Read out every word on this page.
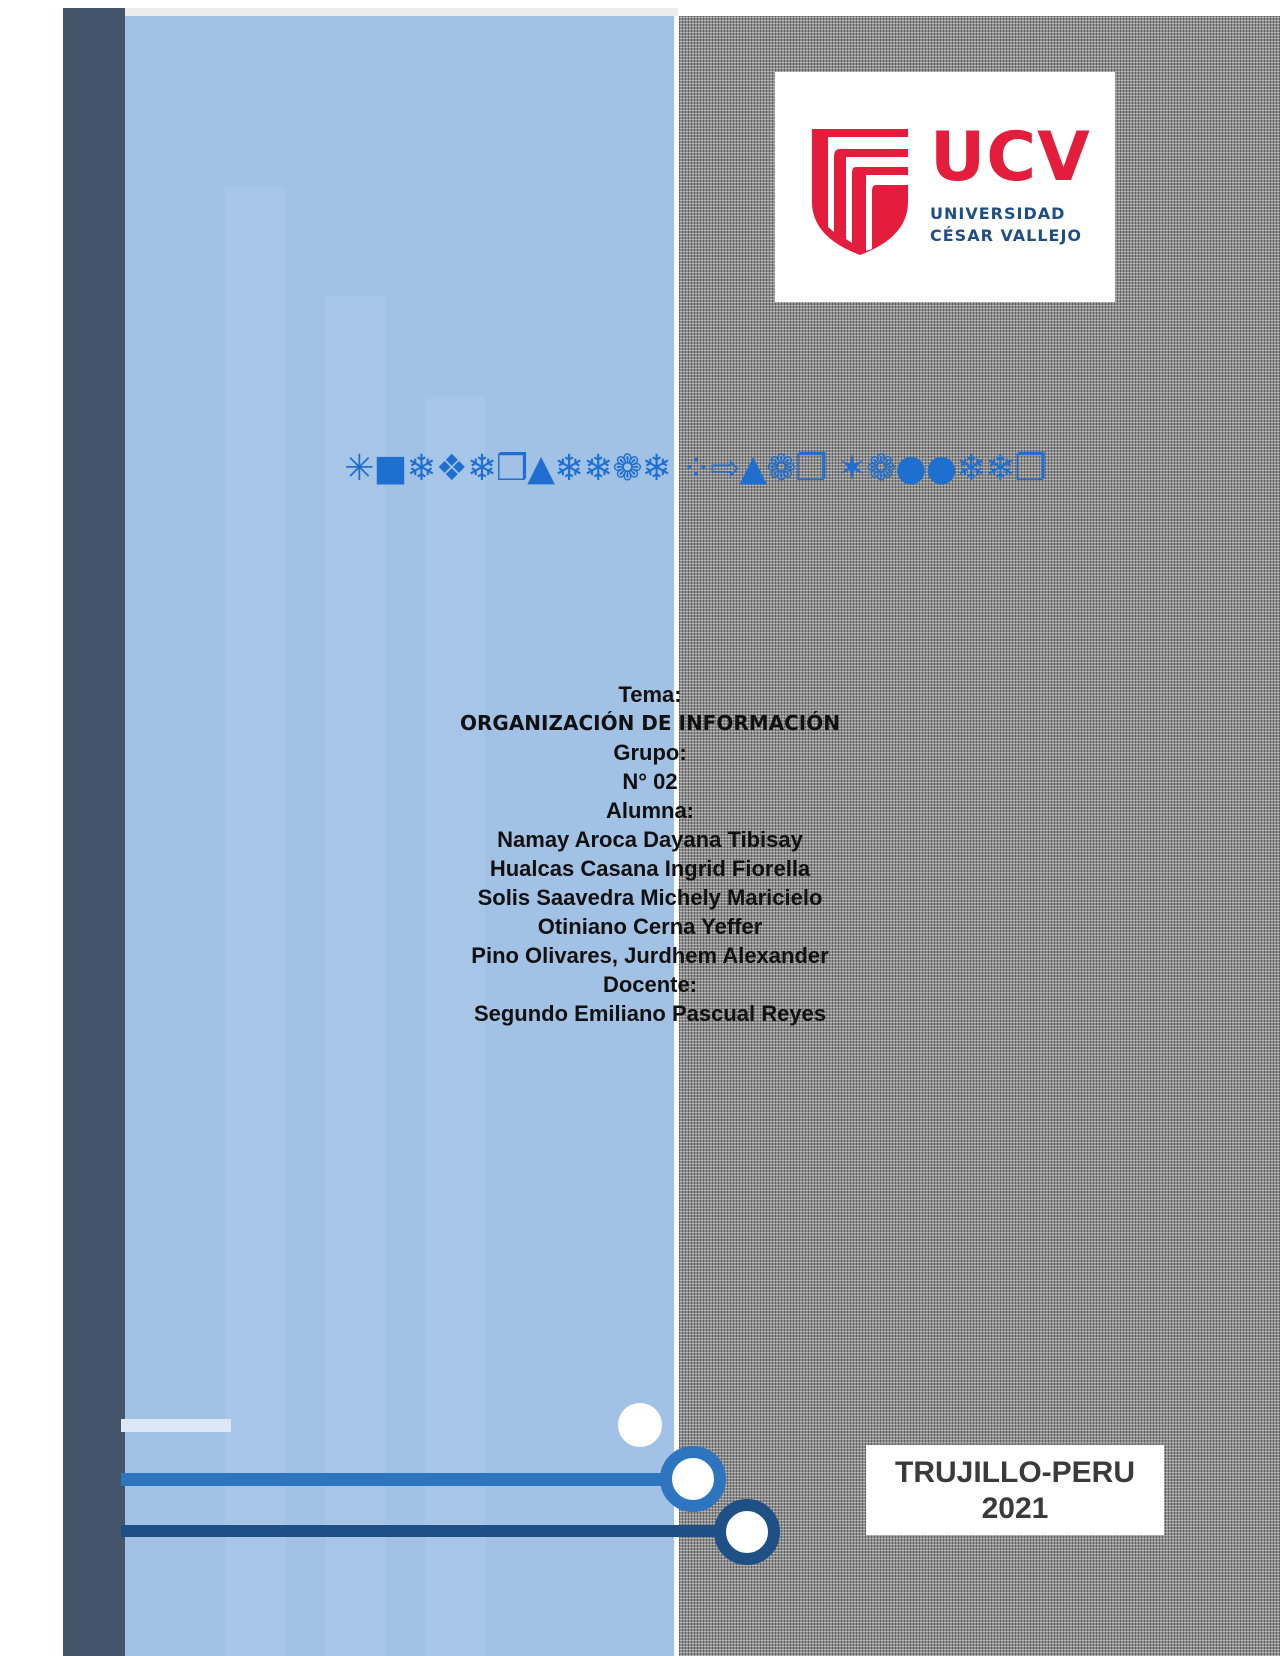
UCV
UNIVERSIDAD
CÉSAR VALLEJO
✳■❄❖❄❒▲❄❄❁❄ ⁘⇨▲❁❒ ✶❁●●❄❄❒
Tema:
ORGANIZACIÓN DE INFORMACIÓN
Grupo:
N° 02
Alumna:
Namay Aroca Dayana Tibisay
Hualcas Casana Ingrid Fiorella
Solis Saavedra Michely Maricielo
Otiniano Cerna Yeffer
Pino Olivares, Jurdhem Alexander
Docente:
Segundo Emiliano Pascual Reyes
TRUJILLO-PERU
2021
